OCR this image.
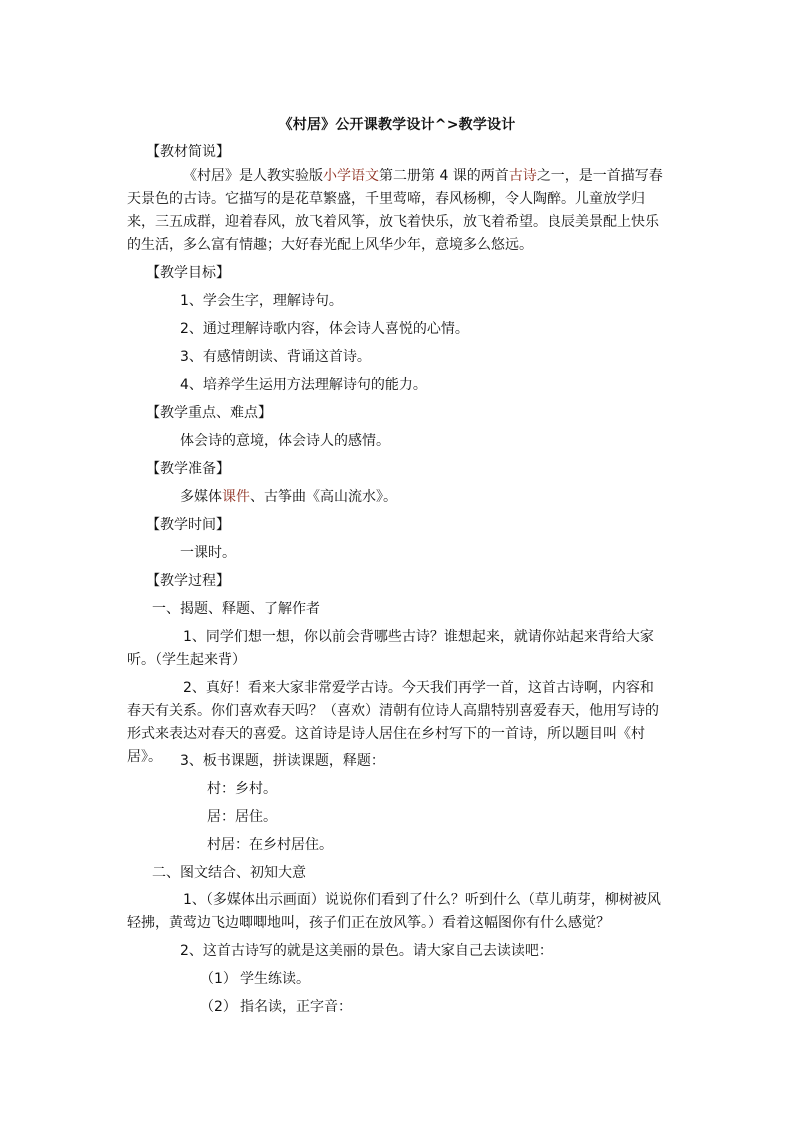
《村居》公开课教学设计^>教学设计
【教材简说】
《村居》是人教实验版小学语文第二册第 4 课的两首古诗之一，是一首描写春天景色的古诗。它描写的是花草繁盛，千里莺啼，春风杨柳，令人陶醉。儿童放学归来，三五成群，迎着春风，放飞着风筝，放飞着快乐，放飞着希望。良辰美景配上快乐的生活，多么富有情趣；大好春光配上风华少年，意境多么悠远。
【教学目标】
1、学会生字，理解诗句。
2、通过理解诗歌内容，体会诗人喜悦的心情。
3、有感情朗读、背诵这首诗。
4、培养学生运用方法理解诗句的能力。
【教学重点、难点】
体会诗的意境，体会诗人的感情。
【教学准备】
多媒体课件、古筝曲《高山流水》。
【教学时间】
一课时。
【教学过程】
一、揭题、释题、了解作者
1、同学们想一想，你以前会背哪些古诗？谁想起来，就请你站起来背给大家听。（学生起来背）
2、真好！看来大家非常爱学古诗。今天我们再学一首，这首古诗啊，内容和春天有关系。你们喜欢春天吗？（喜欢）清朝有位诗人高鼎特别喜爱春天，他用写诗的形式来表达对春天的喜爱。这首诗是诗人居住在乡村写下的一首诗，所以题目叫《村居》。	3、板书课题，拼读课题，释题：
村：乡村。
居：居住。
村居：在乡村居住。
二、图文结合、初知大意
1、（多媒体出示画面）说说你们看到了什么？听到什么（草儿萌芽，柳树被风轻拂，黄莺边飞边唧唧地叫，孩子们正在放风筝。）看着这幅图你有什么感觉？
2、这首古诗写的就是这美丽的景色。请大家自己去读读吧：
（1） 学生练读。
（2） 指名读，正字音：
